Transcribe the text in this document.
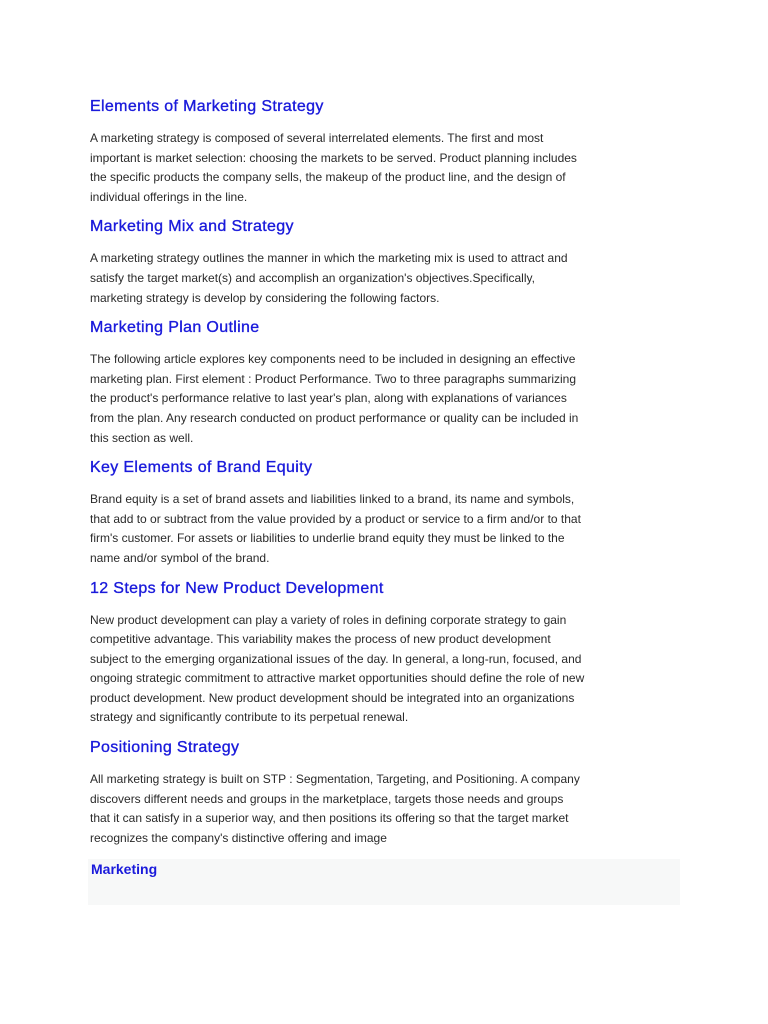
Elements of Marketing Strategy
A marketing strategy is composed of several interrelated elements. The first and most
important is market selection: choosing the markets to be served. Product planning includes
the specific products the company sells, the makeup of the product line, and the design of
individual offerings in the line.
Marketing Mix and Strategy
A marketing strategy outlines the manner in which the marketing mix is used to attract and
satisfy the target market(s) and accomplish an organization's objectives.Specifically,
marketing strategy is develop by considering the following factors.
Marketing Plan Outline
The following article explores key components need to be included in designing an effective
marketing plan. First element : Product Performance. Two to three paragraphs summarizing
the product's performance relative to last year's plan, along with explanations of variances
from the plan. Any research conducted on product performance or quality can be included in
this section as well.
Key Elements of Brand Equity
Brand equity is a set of brand assets and liabilities linked to a brand, its name and symbols,
that add to or subtract from the value provided by a product or service to a firm and/or to that
firm's customer. For assets or liabilities to underlie brand equity they must be linked to the
name and/or symbol of the brand.
12 Steps for New Product Development
New product development can play a variety of roles in defining corporate strategy to gain
competitive advantage. This variability makes the process of new product development
subject to the emerging organizational issues of the day. In general, a long-run, focused, and
ongoing strategic commitment to attractive market opportunities should define the role of new
product development. New product development should be integrated into an organizations
strategy and significantly contribute to its perpetual renewal.
Positioning Strategy
All marketing strategy is built on STP : Segmentation, Targeting, and Positioning. A company
discovers different needs and groups in the marketplace, targets those needs and groups
that it can satisfy in a superior way, and then positions its offering so that the target market
recognizes the company's distinctive offering and image
Marketing
